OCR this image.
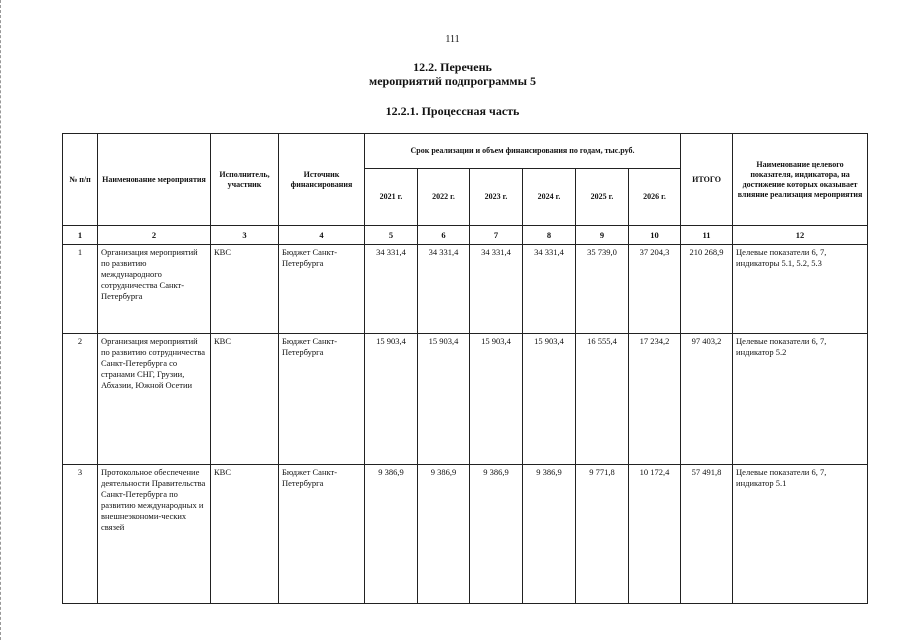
111
12.2. Перечень
мероприятий подпрограммы 5
12.2.1. Процессная часть
№ п/п	Наименование мероприятия	Исполнитель, участник	Источник финансирования	Срок реализации и объем финансирования по годам, тыс.руб.						ИТОГО	Наименование целевого показателя, индикатора, на достижение которых оказывает влияние реализация мероприятия
				2021 г.	2022 г.	2023 г.	2024 г.	2025 г.	2026 г.		
1	2	3	4	5	6	7	8	9	10	11	12
1	Организация мероприятий по развитию международного сотрудничества Санкт-Петербурга	КВС	Бюджет Санкт-Петербурга	34 331,4	34 331,4	34 331,4	34 331,4	35 739,0	37 204,3	210 268,9	Целевые показатели 6, 7, индикаторы 5.1, 5.2, 5.3
2	Организация мероприятий по развитию сотрудничества Санкт-Петербурга со странами СНГ, Грузии, Абхазии, Южной Осетии	КВС	Бюджет Санкт-Петербурга	15 903,4	15 903,4	15 903,4	15 903,4	16 555,4	17 234,2	97 403,2	Целевые показатели 6, 7, индикатор 5.2
3	Протокольное обеспечение деятельности Правительства Санкт-Петербурга по развитию международных и внешнеэкономи-ческих связей	КВС	Бюджет Санкт-Петербурга	9 386,9	9 386,9	9 386,9	9 386,9	9 771,8	10 172,4	57 491,8	Целевые показатели 6, 7, индикатор 5.1
